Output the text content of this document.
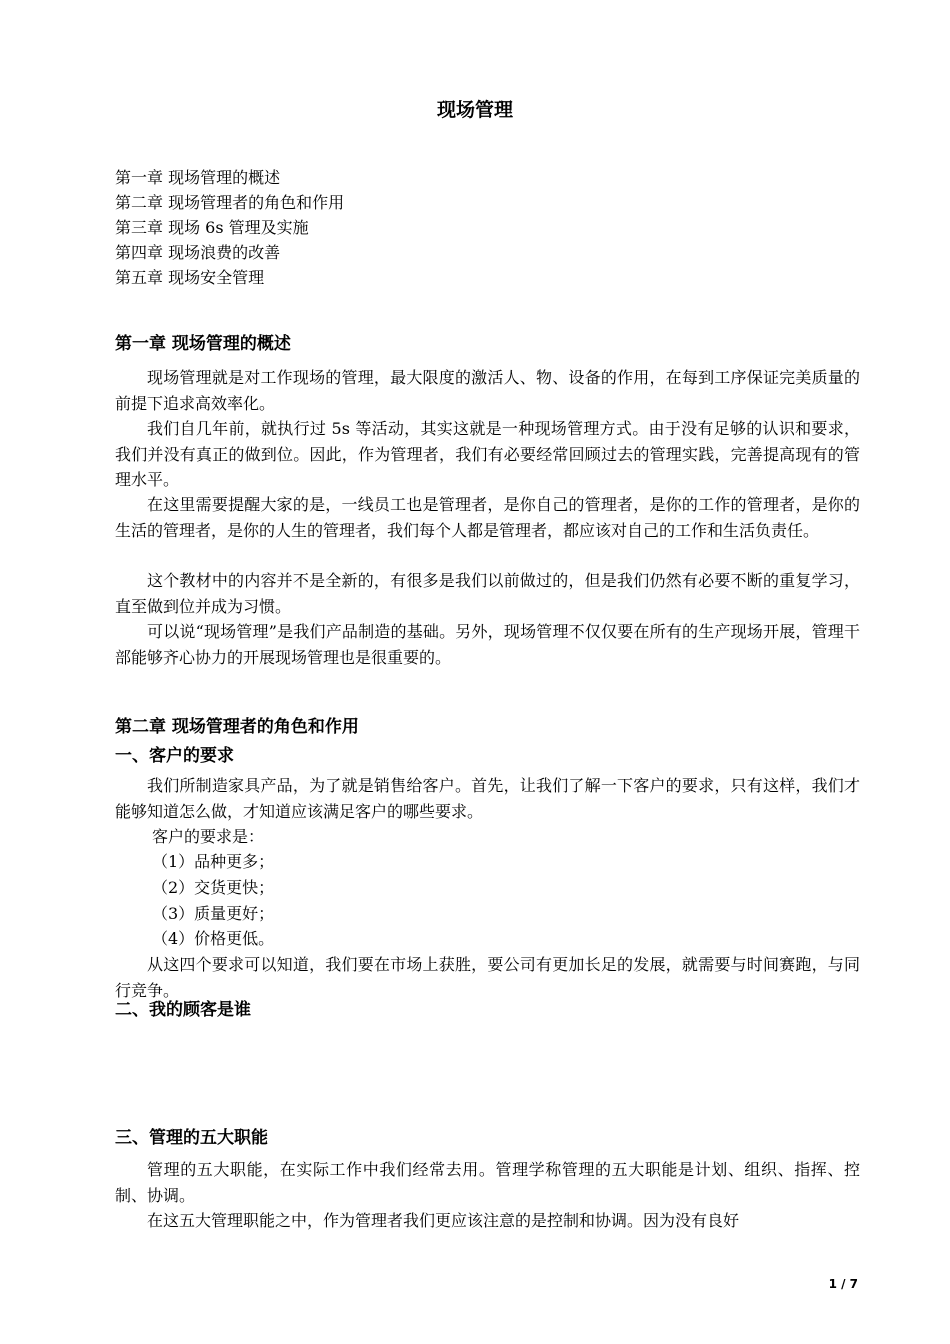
现场管理
第一章 现场管理的概述
第二章 现场管理者的角色和作用
第三章 现场 6s 管理及实施
第四章 现场浪费的改善
第五章 现场安全管理
第一章 现场管理的概述
现场管理就是对工作现场的管理，最大限度的激活人、物、设备的作用，在每到工序保证完美质量的前提下追求高效率化。
我们自几年前，就执行过 5s 等活动，其实这就是一种现场管理方式。由于没有足够的认识和要求，我们并没有真正的做到位。因此，作为管理者，我们有必要经常回顾过去的管理实践，完善提高现有的管理水平。
在这里需要提醒大家的是，一线员工也是管理者，是你自己的管理者，是你的工作的管理者，是你的生活的管理者，是你的人生的管理者，我们每个人都是管理者，都应该对自己的工作和生活负责任。
这个教材中的内容并不是全新的，有很多是我们以前做过的，但是我们仍然有必要不断的重复学习，直至做到位并成为习惯。
可以说“现场管理”是我们产品制造的基础。另外，现场管理不仅仅要在所有的生产现场开展，管理干部能够齐心协力的开展现场管理也是很重要的。
第二章 现场管理者的角色和作用
一、客户的要求
我们所制造家具产品，为了就是销售给客户。首先，让我们了解一下客户的要求，只有这样，我们才能够知道怎么做，才知道应该满足客户的哪些要求。
客户的要求是：
（1）品种更多；
（2）交货更快；
（3）质量更好；
（4）价格更低。
从这四个要求可以知道，我们要在市场上获胜，要公司有更加长足的发展，就需要与时间赛跑，与同行竞争。
二、我的顾客是谁
三、管理的五大职能
管理的五大职能，在实际工作中我们经常去用。管理学称管理的五大职能是计划、组织、指挥、控制、协调。
在这五大管理职能之中，作为管理者我们更应该注意的是控制和协调。因为没有良好
1 / 7
